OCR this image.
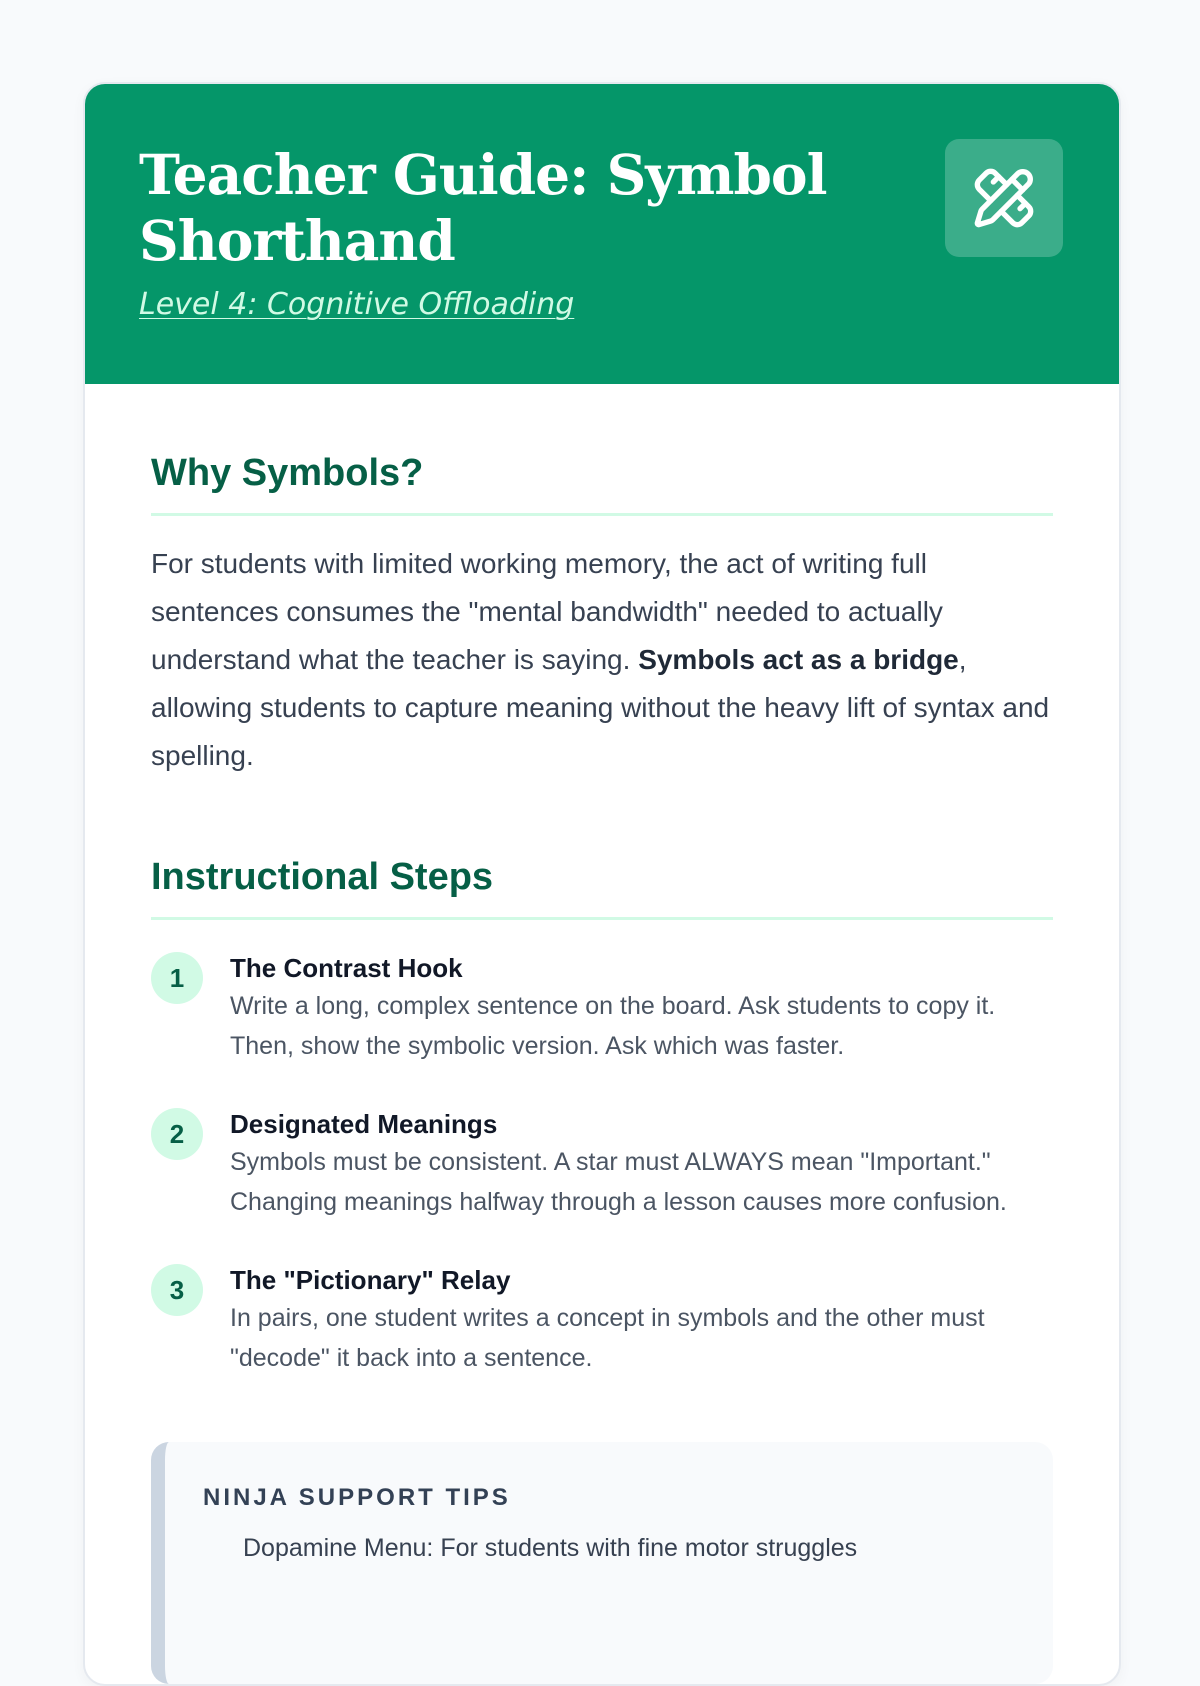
Teacher Guide: Symbol Shorthand
Level 4: Cognitive Offloading
Why Symbols?

For students with limited working memory, the act of writing full sentences consumes the "mental bandwidth" needed to actually understand what the teacher is saying. Symbols act as a bridge, allowing students to capture meaning without the heavy lift of syntax and spelling.

Instructional Steps
1	The Contrast Hook
Write a long, complex sentence on the board. Ask students to copy it. Then, show the symbolic version. Ask which was faster.
2	Designated Meanings
Symbols must be consistent. A star must ALWAYS mean "Important." Changing meanings halfway through a lesson causes more confusion.
3	The "Pictionary" Relay
In pairs, one student writes a concept in symbols and the other must "decode" it back into a sentence.
NINJA SUPPORT TIPS
Dopamine Menu: For students with fine motor struggles
